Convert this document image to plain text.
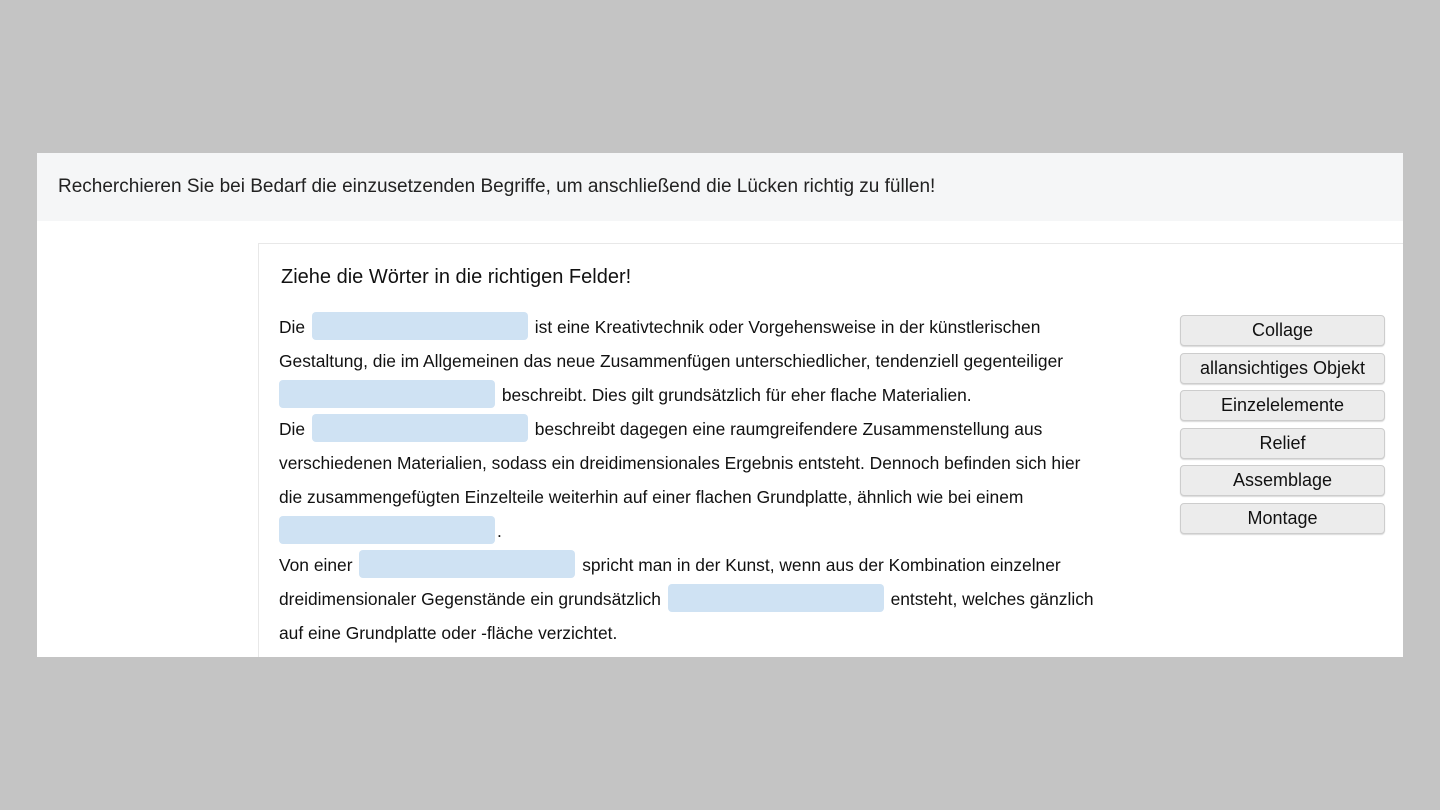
Recherchieren Sie bei Bedarf die einzusetzenden Begriffe, um anschließend die Lücken richtig zu füllen!
Ziehe die Wörter in die richtigen Felder!
Die	ist eine Kreativtechnik oder Vorgehensweise in der künstlerischen
Gestaltung, die im Allgemeinen das neue Zusammenfügen unterschiedlicher, tendenziell gegenteiliger
beschreibt. Dies gilt grundsätzlich für eher flache Materialien.
Die	beschreibt dagegen eine raumgreifendere Zusammenstellung aus
verschiedenen Materialien, sodass ein dreidimensionales Ergebnis entsteht. Dennoch befinden sich hier
die zusammengefügten Einzelteile weiterhin auf einer flachen Grundplatte, ähnlich wie bei einem
.
Von einer	spricht man in der Kunst, wenn aus der Kombination einzelner
dreidimensionaler Gegenstände ein grundsätzlich	entsteht, welches gänzlich
auf eine Grundplatte oder -fläche verzichtet.
Collage
allansichtiges Objekt
Einzelelemente
Relief
Assemblage
Montage
